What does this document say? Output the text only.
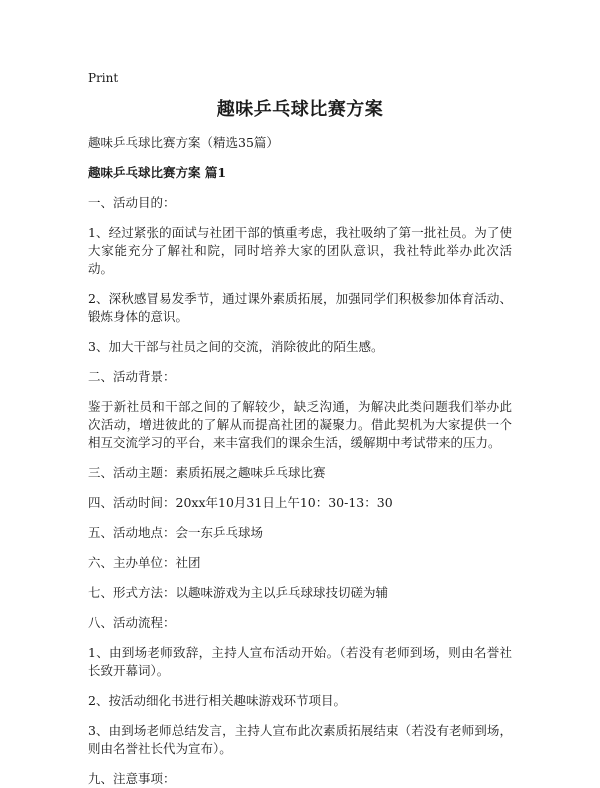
Print
趣味乒乓球比赛方案
趣味乒乓球比赛方案（精选35篇）
趣味乒乓球比赛方案 篇1
一、活动目的：
1、经过紧张的面试与社团干部的慎重考虑，我社吸纳了第一批社员。为了使大家能充分了解社和院，同时培养大家的团队意识，我社特此举办此次活动。
2、深秋感冒易发季节，通过课外素质拓展，加强同学们积极参加体育活动、锻炼身体的意识。
3、加大干部与社员之间的交流，消除彼此的陌生感。
二、活动背景：
鉴于新社员和干部之间的了解较少，缺乏沟通，为解决此类问题我们举办此次活动，增进彼此的了解从而提高社团的凝聚力。借此契机为大家提供一个相互交流学习的平台，来丰富我们的课余生活，缓解期中考试带来的压力。
三、活动主题：素质拓展之趣味乒乓球比赛
四、活动时间：20xx年10月31日上午10：30-13：30
五、活动地点：会一东乒乓球场
六、主办单位：社团
七、形式方法：以趣味游戏为主以乒乓球球技切磋为辅
八、活动流程：
1、由到场老师致辞，主持人宣布活动开始。（若没有老师到场，则由名誉社长致开幕词）。
2、按活动细化书进行相关趣味游戏环节项目。
3、由到场老师总结发言，主持人宣布此次素质拓展结束（若没有老师到场，则由名誉社长代为宣布）。
九、注意事项：
